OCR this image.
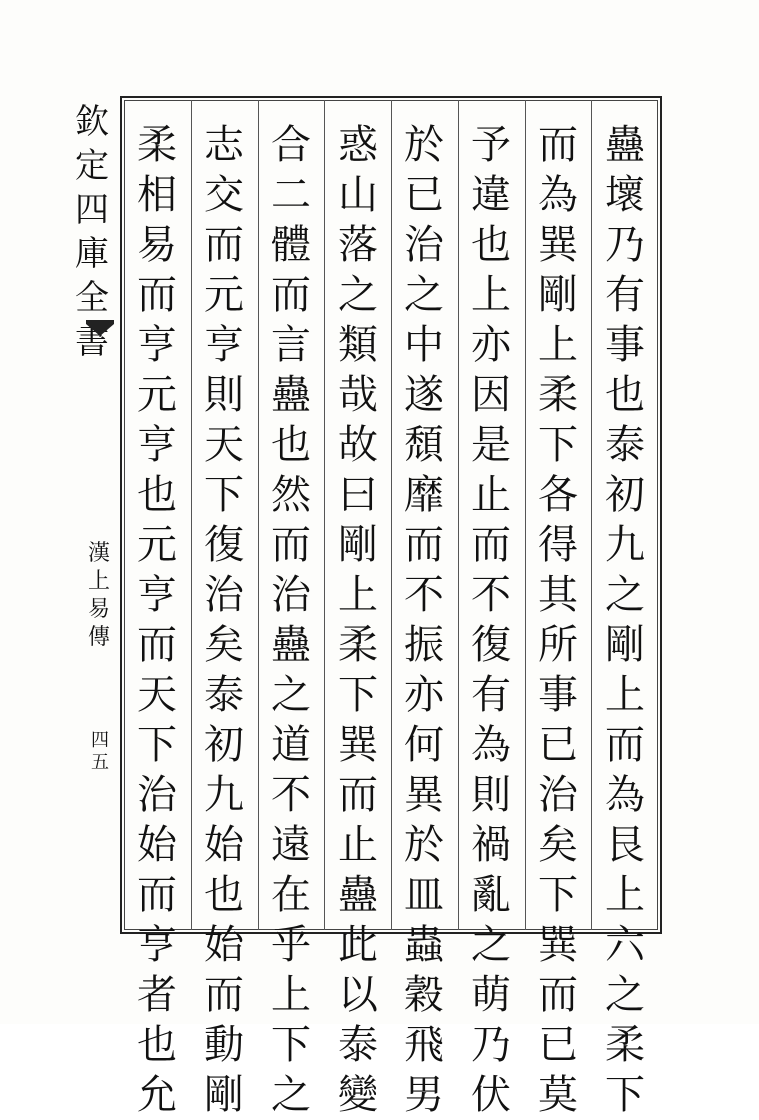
欽
定
四
庫
全
書
漢
上
易
傳
四
五
蠱
壞
乃
有
事
也
泰
初
九
之
剛
上
而
為
艮
上
六
之
柔
下
而
為
巽
剛
上
柔
下
各
得
其
所
事
已
治
矣
下
巽
而
已
莫
予
違
也
上
亦
因
是
止
而
不
復
有
為
則
禍
亂
之
萌
乃
伏
於
已
治
之
中
遂
頹
靡
而
不
振
亦
何
異
於
皿
蟲
穀
飛
男
惑
山
落
之
類
哉
故
曰
剛
上
柔
下
巽
而
止
蠱
此
以
泰
變
合
二
體
而
言
蠱
也
然
而
治
蠱
之
道
不
遠
在
乎
上
下
之
志
交
而
元
亨
則
天
下
復
治
矣
泰
初
九
始
也
始
而
動
剛
柔
相
易
而
亨
元
亨
也
元
亨
而
天
下
治
始
而
亨
者
也
允
